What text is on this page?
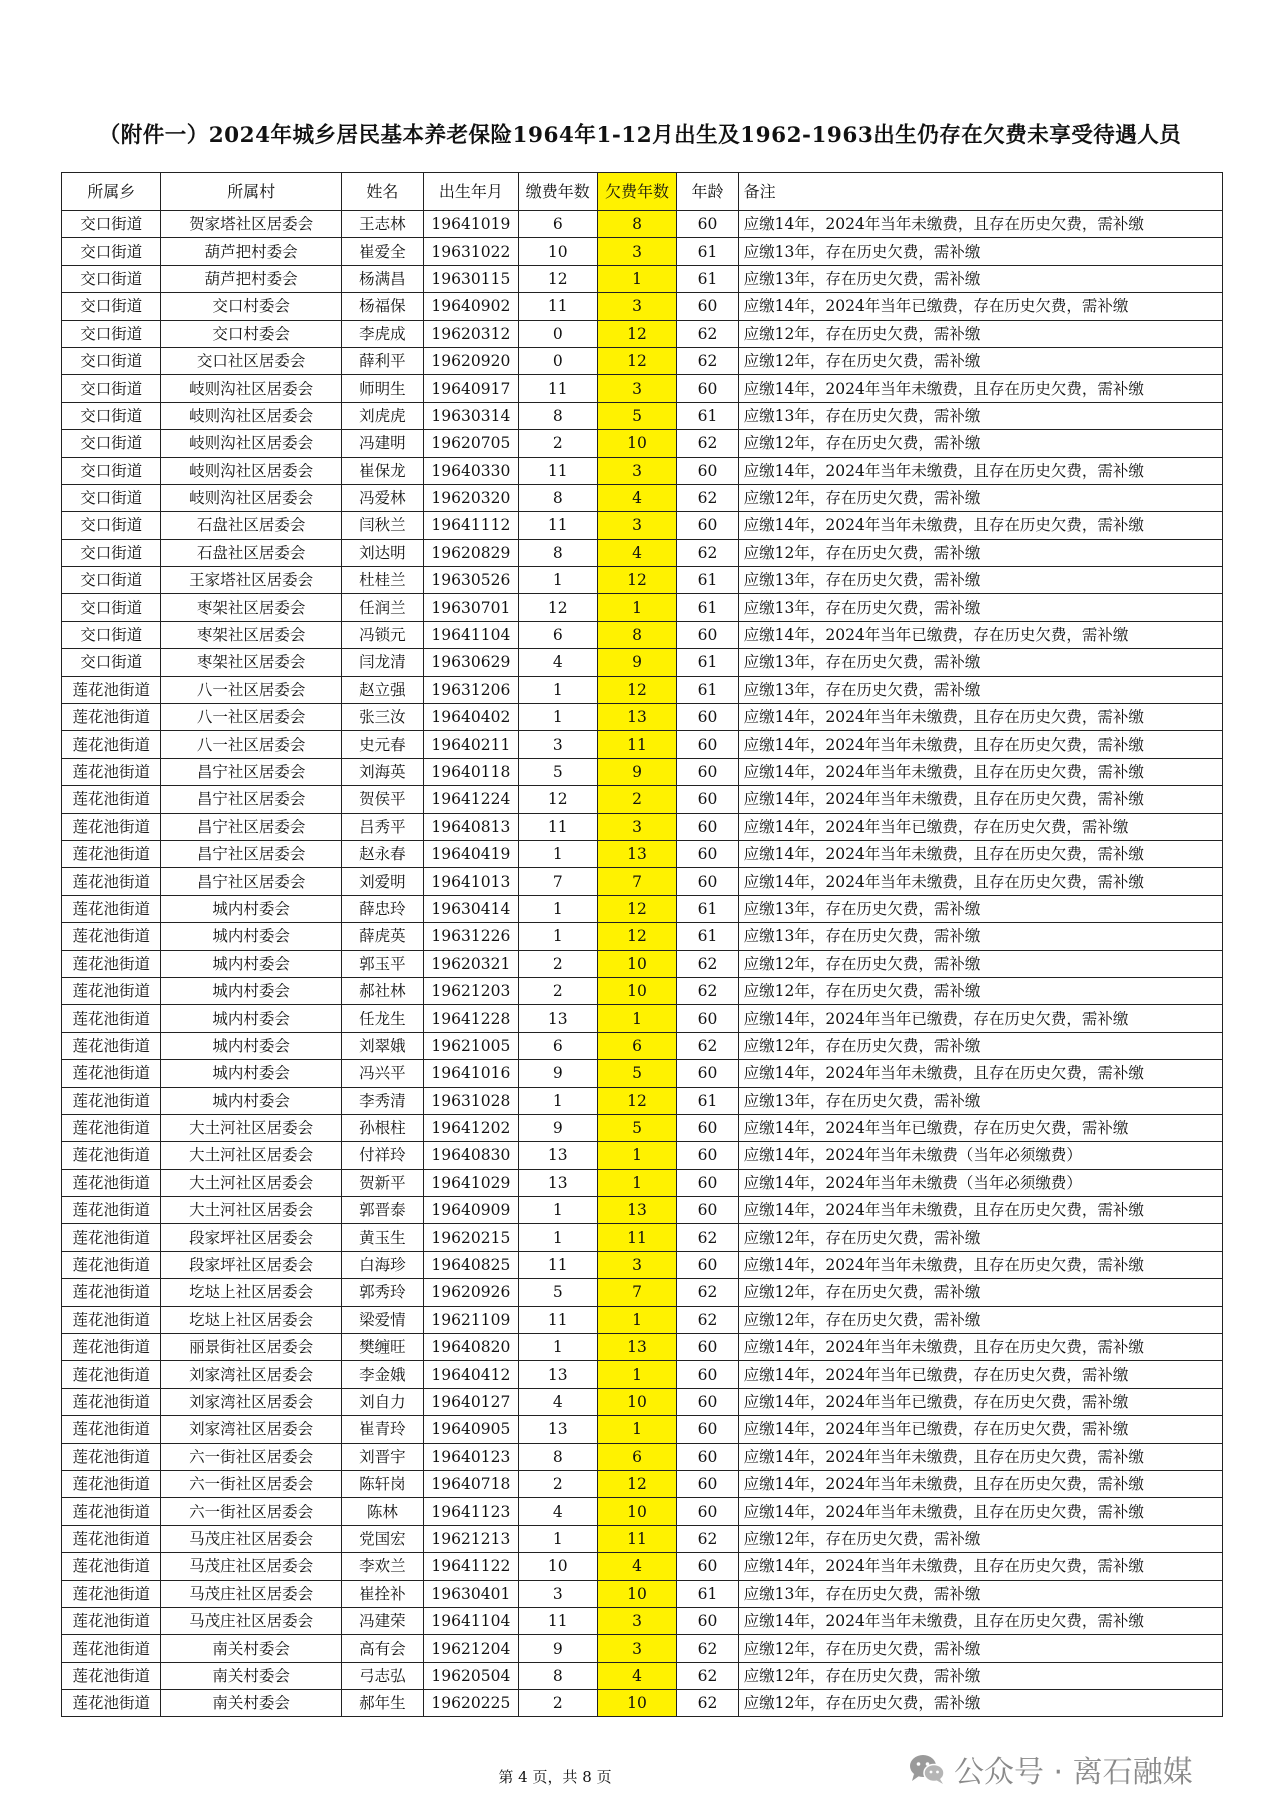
（附件一）2024年城乡居民基本养老保险1964年1-12月出生及1962-1963出生仍存在欠费未享受待遇人员
所属乡	所属村	姓名	出生年月	缴费年数	欠费年数	年龄	备注
交口街道	贺家塔社区居委会	王志林	19641019	6	8	60	应缴14年，2024年当年未缴费，且存在历史欠费，需补缴
交口街道	葫芦把村委会	崔爱全	19631022	10	3	61	应缴13年，存在历史欠费，需补缴
交口街道	葫芦把村委会	杨满昌	19630115	12	1	61	应缴13年，存在历史欠费，需补缴
交口街道	交口村委会	杨福保	19640902	11	3	60	应缴14年，2024年当年已缴费，存在历史欠费，需补缴
交口街道	交口村委会	李虎成	19620312	0	12	62	应缴12年，存在历史欠费，需补缴
交口街道	交口社区居委会	薛利平	19620920	0	12	62	应缴12年，存在历史欠费，需补缴
交口街道	岐则沟社区居委会	师明生	19640917	11	3	60	应缴14年，2024年当年未缴费，且存在历史欠费，需补缴
交口街道	岐则沟社区居委会	刘虎虎	19630314	8	5	61	应缴13年，存在历史欠费，需补缴
交口街道	岐则沟社区居委会	冯建明	19620705	2	10	62	应缴12年，存在历史欠费，需补缴
交口街道	岐则沟社区居委会	崔保龙	19640330	11	3	60	应缴14年，2024年当年未缴费，且存在历史欠费，需补缴
交口街道	岐则沟社区居委会	冯爱林	19620320	8	4	62	应缴12年，存在历史欠费，需补缴
交口街道	石盘社区居委会	闫秋兰	19641112	11	3	60	应缴14年，2024年当年未缴费，且存在历史欠费，需补缴
交口街道	石盘社区居委会	刘达明	19620829	8	4	62	应缴12年，存在历史欠费，需补缴
交口街道	王家塔社区居委会	杜桂兰	19630526	1	12	61	应缴13年，存在历史欠费，需补缴
交口街道	枣架社区居委会	任润兰	19630701	12	1	61	应缴13年，存在历史欠费，需补缴
交口街道	枣架社区居委会	冯锁元	19641104	6	8	60	应缴14年，2024年当年已缴费，存在历史欠费，需补缴
交口街道	枣架社区居委会	闫龙清	19630629	4	9	61	应缴13年，存在历史欠费，需补缴
莲花池街道	八一社区居委会	赵立强	19631206	1	12	61	应缴13年，存在历史欠费，需补缴
莲花池街道	八一社区居委会	张三汝	19640402	1	13	60	应缴14年，2024年当年未缴费，且存在历史欠费，需补缴
莲花池街道	八一社区居委会	史元春	19640211	3	11	60	应缴14年，2024年当年未缴费，且存在历史欠费，需补缴
莲花池街道	昌宁社区居委会	刘海英	19640118	5	9	60	应缴14年，2024年当年未缴费，且存在历史欠费，需补缴
莲花池街道	昌宁社区居委会	贺侯平	19641224	12	2	60	应缴14年，2024年当年未缴费，且存在历史欠费，需补缴
莲花池街道	昌宁社区居委会	吕秀平	19640813	11	3	60	应缴14年，2024年当年已缴费，存在历史欠费，需补缴
莲花池街道	昌宁社区居委会	赵永春	19640419	1	13	60	应缴14年，2024年当年未缴费，且存在历史欠费，需补缴
莲花池街道	昌宁社区居委会	刘爱明	19641013	7	7	60	应缴14年，2024年当年未缴费，且存在历史欠费，需补缴
莲花池街道	城内村委会	薛忠玲	19630414	1	12	61	应缴13年，存在历史欠费，需补缴
莲花池街道	城内村委会	薛虎英	19631226	1	12	61	应缴13年，存在历史欠费，需补缴
莲花池街道	城内村委会	郭玉平	19620321	2	10	62	应缴12年，存在历史欠费，需补缴
莲花池街道	城内村委会	郝社林	19621203	2	10	62	应缴12年，存在历史欠费，需补缴
莲花池街道	城内村委会	任龙生	19641228	13	1	60	应缴14年，2024年当年已缴费，存在历史欠费，需补缴
莲花池街道	城内村委会	刘翠娥	19621005	6	6	62	应缴12年，存在历史欠费，需补缴
莲花池街道	城内村委会	冯兴平	19641016	9	5	60	应缴14年，2024年当年未缴费，且存在历史欠费，需补缴
莲花池街道	城内村委会	李秀清	19631028	1	12	61	应缴13年，存在历史欠费，需补缴
莲花池街道	大土河社区居委会	孙根柱	19641202	9	5	60	应缴14年，2024年当年已缴费，存在历史欠费，需补缴
莲花池街道	大土河社区居委会	付祥玲	19640830	13	1	60	应缴14年，2024年当年未缴费（当年必须缴费）
莲花池街道	大土河社区居委会	贺新平	19641029	13	1	60	应缴14年，2024年当年未缴费（当年必须缴费）
莲花池街道	大土河社区居委会	郭晋泰	19640909	1	13	60	应缴14年，2024年当年未缴费，且存在历史欠费，需补缴
莲花池街道	段家坪社区居委会	黄玉生	19620215	1	11	62	应缴12年，存在历史欠费，需补缴
莲花池街道	段家坪社区居委会	白海珍	19640825	11	3	60	应缴14年，2024年当年未缴费，且存在历史欠费，需补缴
莲花池街道	圪垯上社区居委会	郭秀玲	19620926	5	7	62	应缴12年，存在历史欠费，需补缴
莲花池街道	圪垯上社区居委会	梁爱情	19621109	11	1	62	应缴12年，存在历史欠费，需补缴
莲花池街道	丽景街社区居委会	樊缠旺	19640820	1	13	60	应缴14年，2024年当年未缴费，且存在历史欠费，需补缴
莲花池街道	刘家湾社区居委会	李金娥	19640412	13	1	60	应缴14年，2024年当年已缴费，存在历史欠费，需补缴
莲花池街道	刘家湾社区居委会	刘自力	19640127	4	10	60	应缴14年，2024年当年已缴费，存在历史欠费，需补缴
莲花池街道	刘家湾社区居委会	崔青玲	19640905	13	1	60	应缴14年，2024年当年已缴费，存在历史欠费，需补缴
莲花池街道	六一街社区居委会	刘晋宇	19640123	8	6	60	应缴14年，2024年当年未缴费，且存在历史欠费，需补缴
莲花池街道	六一街社区居委会	陈轩岗	19640718	2	12	60	应缴14年，2024年当年未缴费，且存在历史欠费，需补缴
莲花池街道	六一街社区居委会	陈林	19641123	4	10	60	应缴14年，2024年当年未缴费，且存在历史欠费，需补缴
莲花池街道	马茂庄社区居委会	党国宏	19621213	1	11	62	应缴12年，存在历史欠费，需补缴
莲花池街道	马茂庄社区居委会	李欢兰	19641122	10	4	60	应缴14年，2024年当年未缴费，且存在历史欠费，需补缴
莲花池街道	马茂庄社区居委会	崔拴补	19630401	3	10	61	应缴13年，存在历史欠费，需补缴
莲花池街道	马茂庄社区居委会	冯建荣	19641104	11	3	60	应缴14年，2024年当年未缴费，且存在历史欠费，需补缴
莲花池街道	南关村委会	高有会	19621204	9	3	62	应缴12年，存在历史欠费，需补缴
莲花池街道	南关村委会	弓志弘	19620504	8	4	62	应缴12年，存在历史欠费，需补缴
莲花池街道	南关村委会	郝年生	19620225	2	10	62	应缴12年，存在历史欠费，需补缴
第 4 页，共 8 页	公众号 · 离石融媒
